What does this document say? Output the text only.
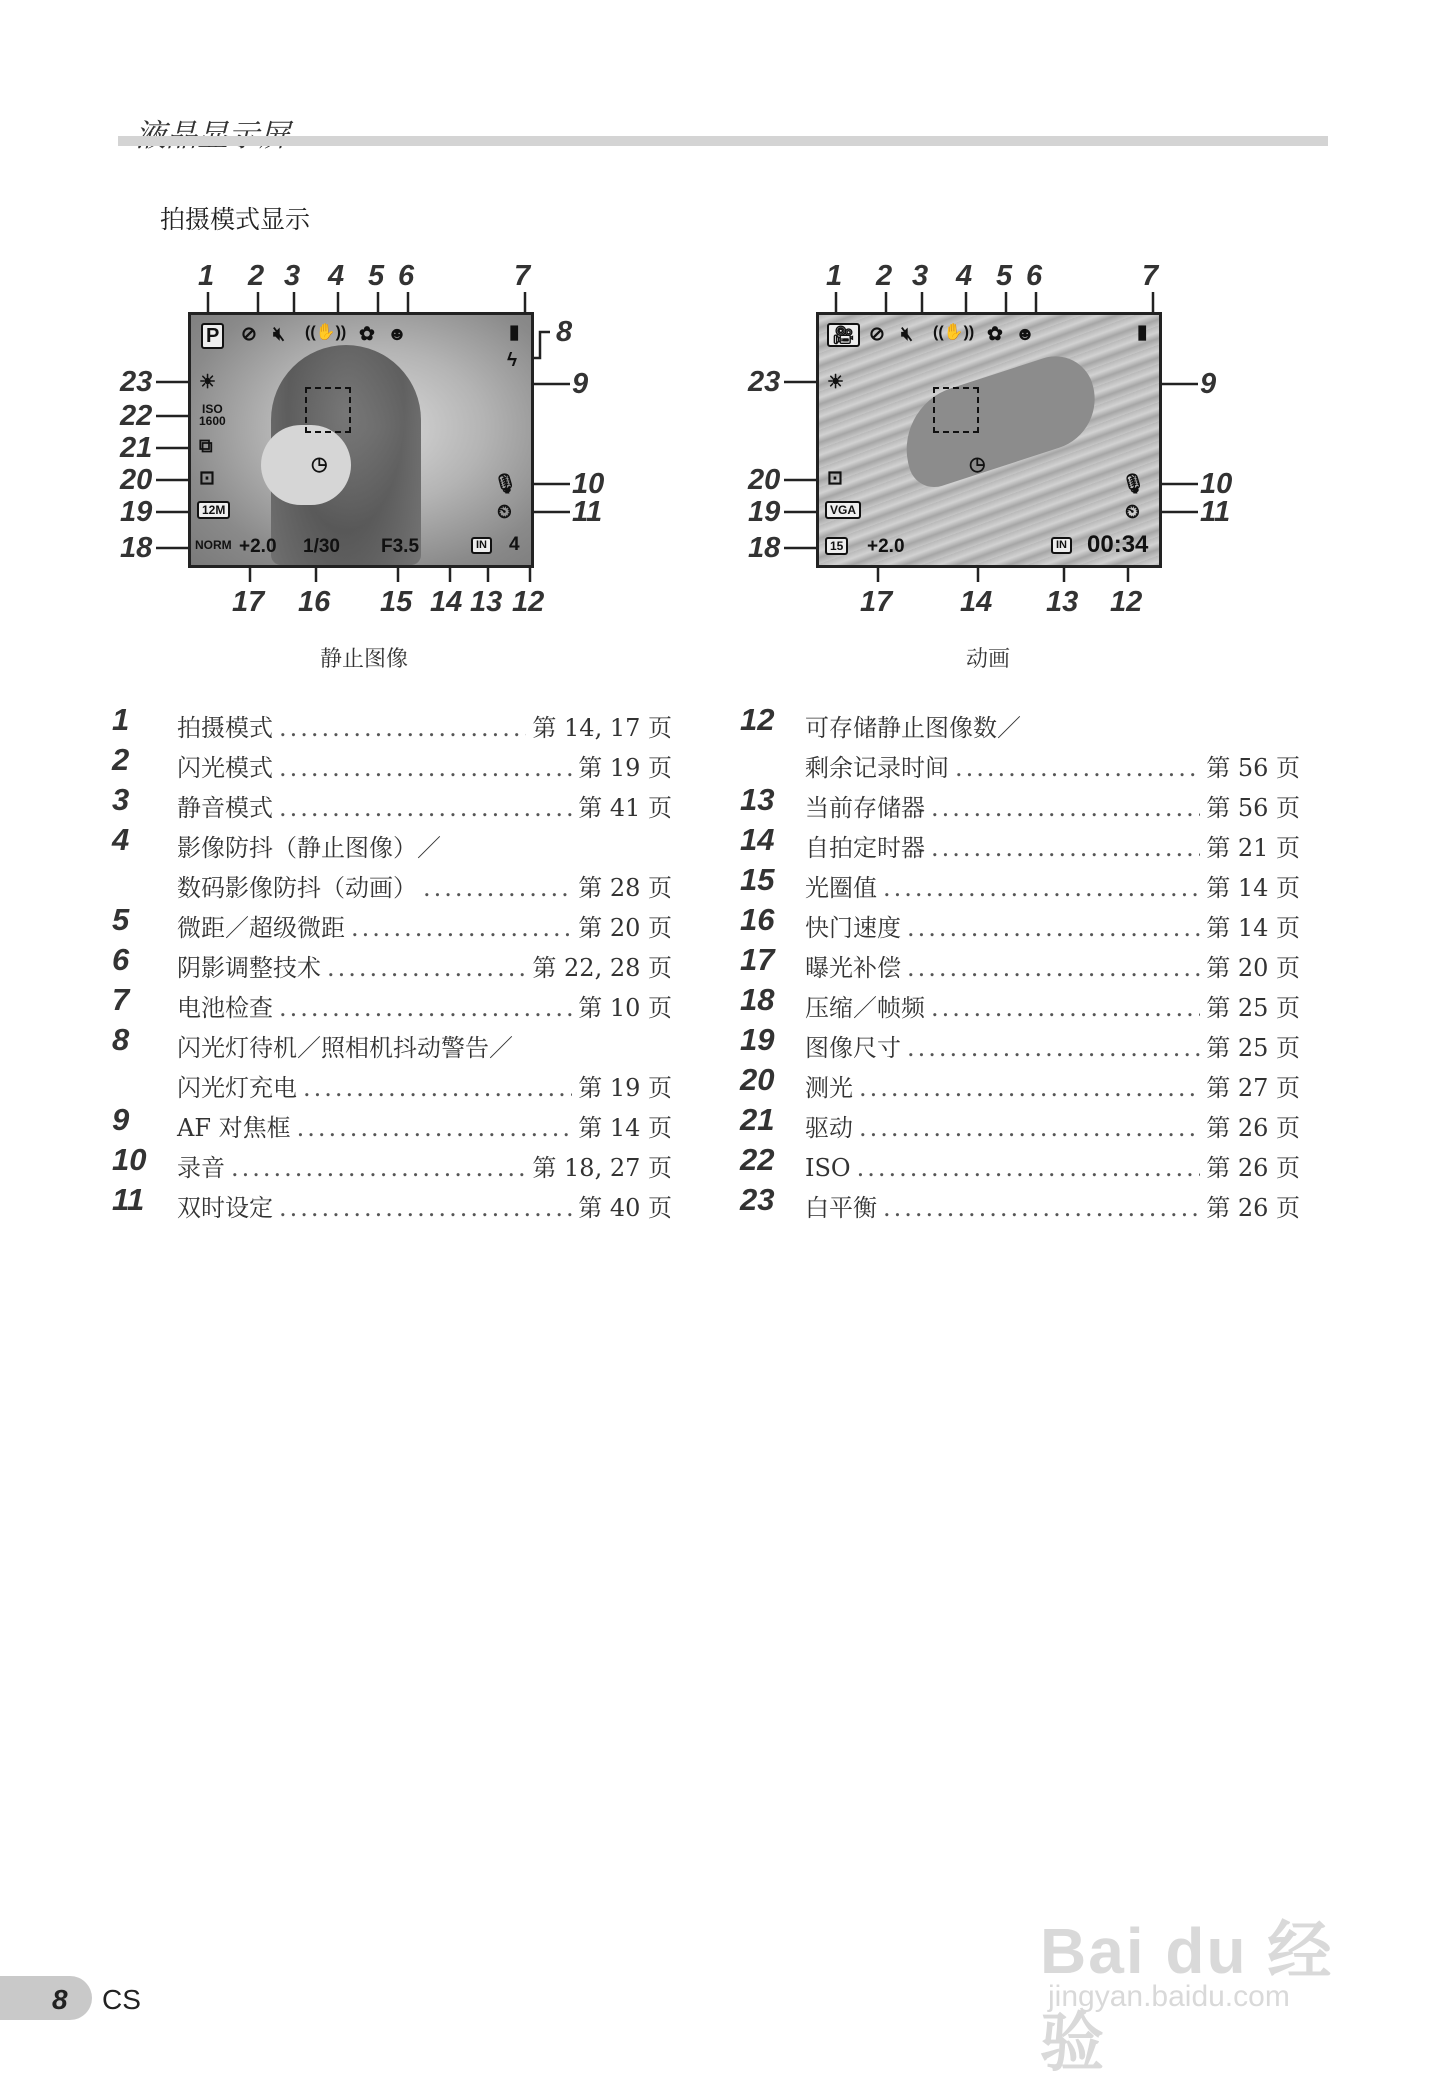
拍摄模式显示
1 2 3 4 5 6	7
8
9
10
11
23
22
21
20
19
18
17 16 15 14 13 12
P ⊘ 🔇︎ ((✋)) ✿ ☻	▮
ϟ
☀
ISO
1600
⧉
⊡
12M
NORM
◷
🎙︎
⏲︎
+2.0 1/30 F3.5	IN 4
静止图像
1 2 3 4 5 6	7
9
10
11
23
20
19
18
17 14 13 12
🎥︎ ⊘ 🔇︎ ((✋)) ✿ ☻	▮
☀
⊡
VGA
15
◷
🎙︎
⏲︎
+2.0	IN 00:34
动画
1	拍摄模式 .....	第 14, 17 页
2	闪光模式 .....	第 19 页
3	静音模式 .....	第 41 页
4	影像防抖（静止图像）／
数码影像防抖（动画） .....	第 28 页
5	微距／超级微距 .....	第 20 页
6	阴影调整技术 .....	第 22, 28 页
7	电池检查 .....	第 10 页
8	闪光灯待机／照相机抖动警告／
闪光灯充电 .....	第 19 页
9	AF 对焦框 .....	第 14 页
10	录音 .....	第 18, 27 页
11	双时设定 .....	第 40 页
12	可存储静止图像数／
剩余记录时间 .....	第 56 页
13	当前存储器 .....	第 56 页
14	自拍定时器 .....	第 21 页
15	光圈值 .....	第 14 页
16	快门速度 .....	第 14 页
17	曝光补偿 .....	第 20 页
18	压缩／帧频 .....	第 25 页
19	图像尺寸 .....	第 25 页
20	测光 .....	第 27 页
21	驱动 .....	第 26 页
22	ISO .....	第 26 页
23	白平衡 .....	第 26 页
8 CS
Bai du 经验
jingyan.baidu.com
